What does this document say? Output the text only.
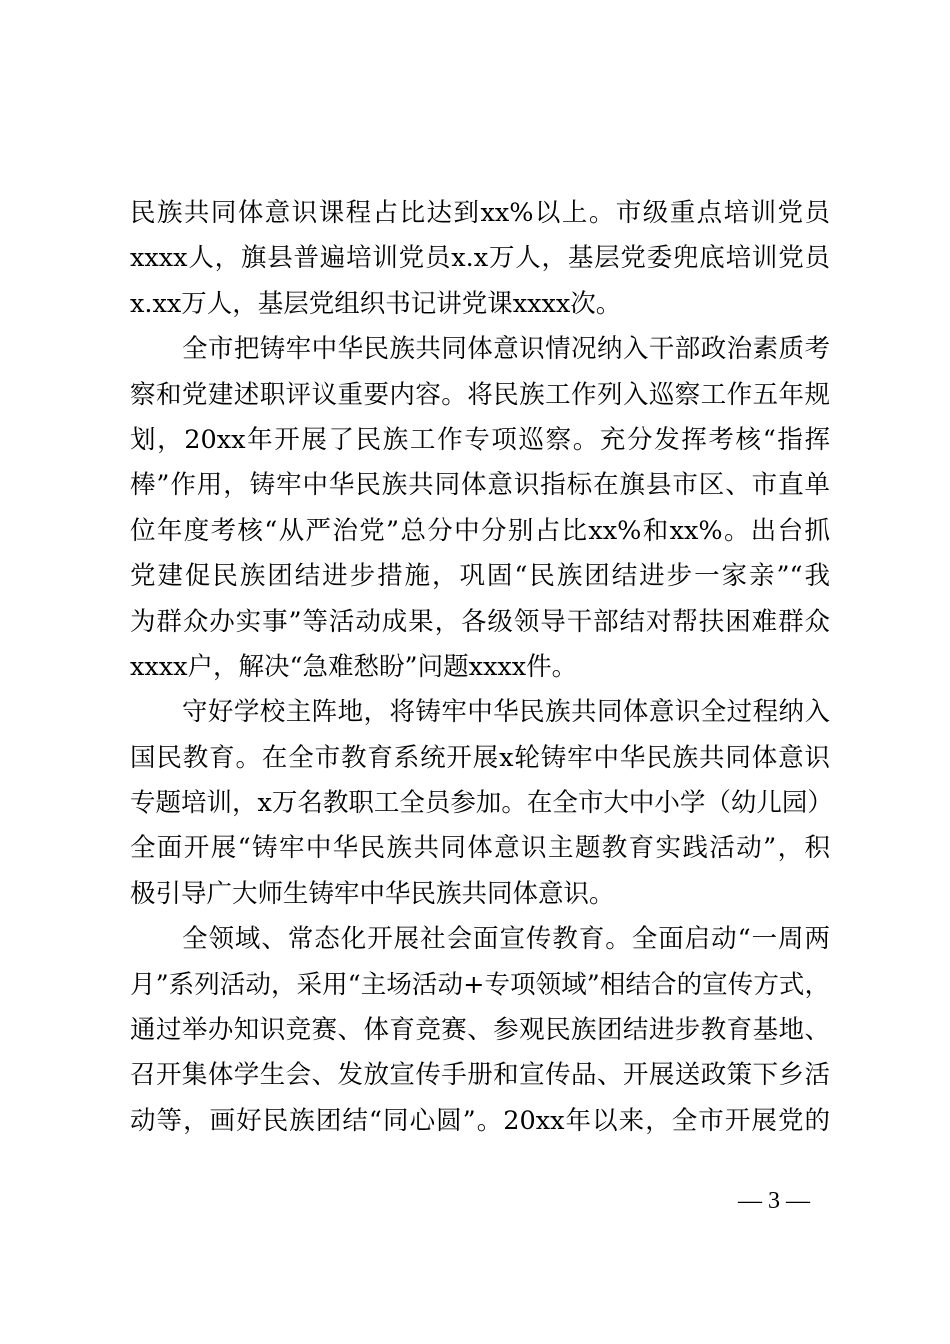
民族共同体意识课程占比达到xx%以上。市级重点培训党员
xxxx人，旗县普遍培训党员x.x万人，基层党委兜底培训党员
x.xx万人，基层党组织书记讲党课xxxx次。
全市把铸牢中华民族共同体意识情况纳入干部政治素质考
察和党建述职评议重要内容。将民族工作列入巡察工作五年规
划，20xx年开展了民族工作专项巡察。充分发挥考核“指挥
棒”作用，铸牢中华民族共同体意识指标在旗县市区、市直单
位年度考核“从严治党”总分中分别占比xx%和xx%。出台抓
党建促民族团结进步措施，巩固“民族团结进步一家亲”“我
为群众办实事”等活动成果，各级领导干部结对帮扶困难群众
xxxx户，解决“急难愁盼”问题xxxx件。
守好学校主阵地，将铸牢中华民族共同体意识全过程纳入
国民教育。在全市教育系统开展x轮铸牢中华民族共同体意识
专题培训，x万名教职工全员参加。在全市大中小学（幼儿园）
全面开展“铸牢中华民族共同体意识主题教育实践活动”，积
极引导广大师生铸牢中华民族共同体意识。
全领域、常态化开展社会面宣传教育。全面启动“一周两
月”系列活动，采用“主场活动+专项领域”相结合的宣传方式，
通过举办知识竞赛、体育竞赛、参观民族团结进步教育基地、
召开集体学生会、发放宣传手册和宣传品、开展送政策下乡活
动等，画好民族团结“同心圆”。20xx年以来，全市开展党的
— 3 —
